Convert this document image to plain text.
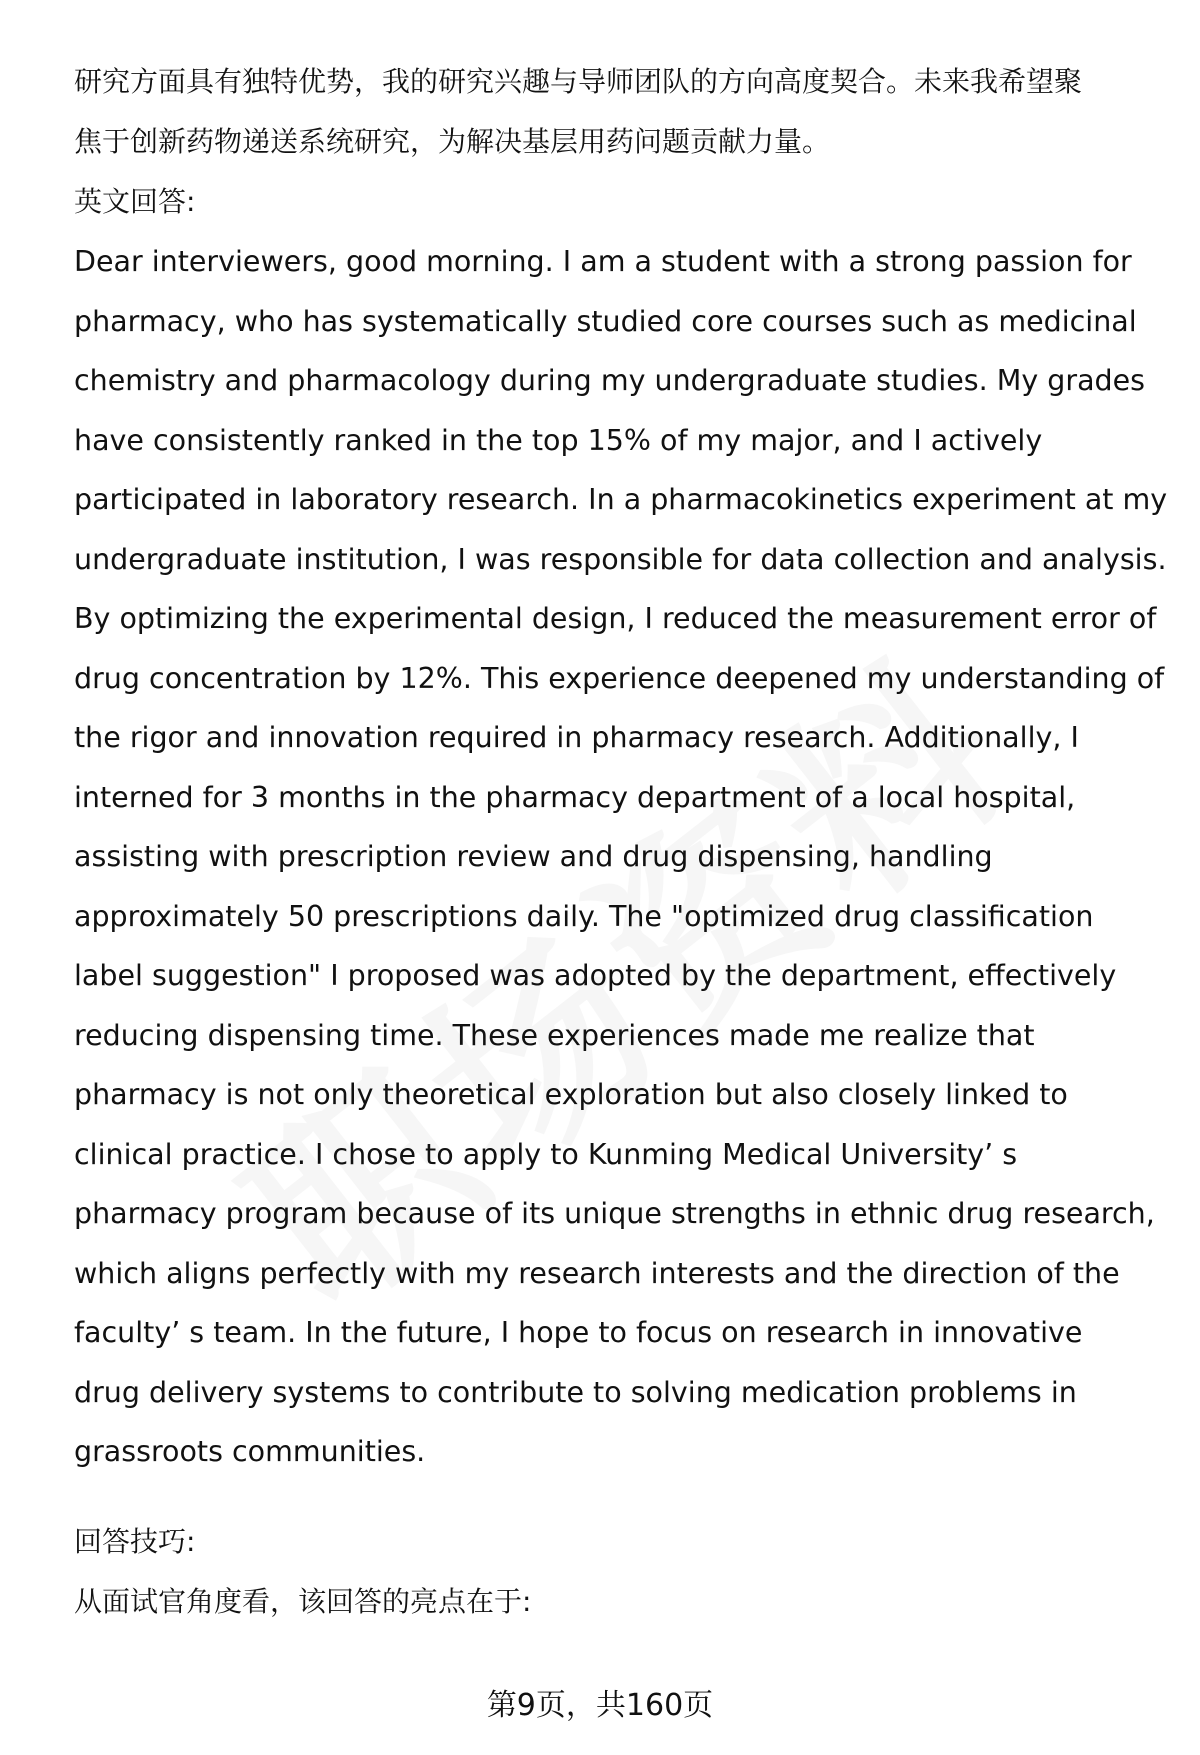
研究方面具有独特优势，我的研究兴趣与导师团队的方向高度契合。未来我希望聚

焦于创新药物递送系统研究，为解决基层用药问题贡献力量。

英文回答:

Dear interviewers, good morning. I am a student with a strong passion for
pharmacy, who has systematically studied core courses such as medicinal
chemistry and pharmacology during my undergraduate studies. My grades
have consistently ranked in the top 15% of my major, and I actively
participated in laboratory research. In a pharmacokinetics experiment at my
undergraduate institution, I was responsible for data collection and analysis.
By optimizing the experimental design, I reduced the measurement error of
drug concentration by 12%. This experience deepened my understanding of
the rigor and innovation required in pharmacy research. Additionally, I
interned for 3 months in the pharmacy department of a local hospital,
assisting with prescription review and drug dispensing, handling
approximately 50 prescriptions daily. The "optimized drug classification
label suggestion" I proposed was adopted by the department, effectively
reducing dispensing time. These experiences made me realize that
pharmacy is not only theoretical exploration but also closely linked to
clinical practice. I chose to apply to Kunming Medical University’ s
pharmacy program because of its unique strengths in ethnic drug research,
which aligns perfectly with my research interests and the direction of the
faculty’ s team. In the future, I hope to focus on research in innovative
drug delivery systems to contribute to solving medication problems in
grassroots communities.

回答技巧:

从面试官角度看，该回答的亮点在于:

第9页，共160页
